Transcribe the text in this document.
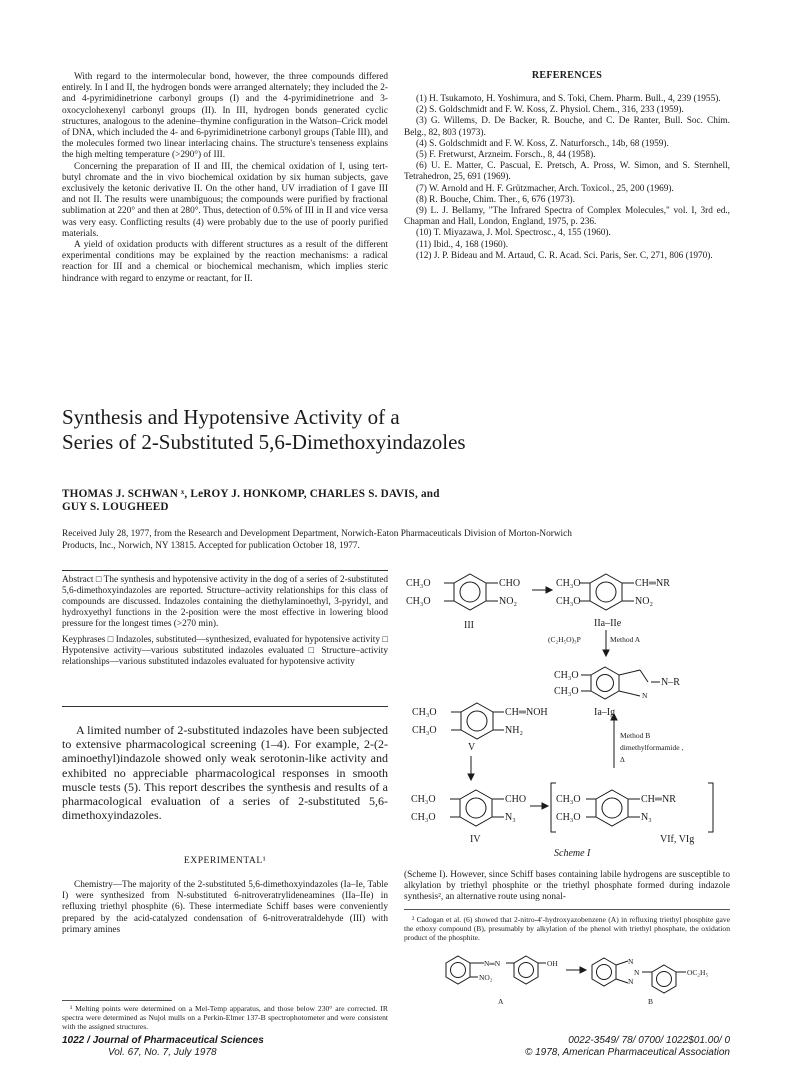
With regard to the intermolecular bond, however, the three compounds differed entirely. In I and II, the hydrogen bonds were arranged alternately; they included the 2- and 4-pyrimidinetrione carbonyl groups (I) and the 4-pyrimidinetrione and 3-oxocyclohexenyl carbonyl groups (II). In III, hydrogen bonds generated cyclic structures, analogous to the adenine–thymine configuration in the Watson–Crick model of DNA, which included the 4- and 6-pyrimidinetrione carbonyl groups (Table III), and the molecules formed two linear interlacing chains. The structure's tenseness explains the high melting temperature (>290°) of III.

Concerning the preparation of II and III, the chemical oxidation of I, using tert-butyl chromate and the in vivo biochemical oxidation by six human subjects, gave exclusively the ketonic derivative II. On the other hand, UV irradiation of I gave III and not II. The results were unambiguous; the compounds were purified by fractional sublimation at 220° and then at 280°. Thus, detection of 0.5% of III in II and vice versa was very easy. Conflicting results (4) were probably due to the use of poorly purified materials.

A yield of oxidation products with different structures as a result of the different experimental conditions may be explained by the reaction mechanisms: a radical reaction for III and a chemical or biochemical mechanism, which implies steric hindrance with regard to enzyme or reactant, for II.

REFERENCES

(1) H. Tsukamoto, H. Yoshimura, and S. Toki, Chem. Pharm. Bull., 4, 239 (1955).

(2) S. Goldschmidt and F. W. Koss, Z. Physiol. Chem., 316, 233 (1959).

(3) G. Willems, D. De Backer, R. Bouche, and C. De Ranter, Bull. Soc. Chim. Belg., 82, 803 (1973).

(4) S. Goldschmidt and F. W. Koss, Z. Naturforsch., 14b, 68 (1959).

(5) F. Fretwurst, Arzneim. Forsch., 8, 44 (1958).

(6) U. E. Matter, C. Pascual, E. Pretsch, A. Pross, W. Simon, and S. Sternhell, Tetrahedron, 25, 691 (1969).

(7) W. Arnold and H. F. Grützmacher, Arch. Toxicol., 25, 200 (1969).

(8) R. Bouche, Chim. Ther., 6, 676 (1973).

(9) L. J. Bellamy, "The Infrared Spectra of Complex Molecules," vol. I, 3rd ed., Chapman and Hall, London, England, 1975, p. 236.

(10) T. Miyazawa, J. Mol. Spectrosc., 4, 155 (1960).

(11) Ibid., 4, 168 (1960).

(12) J. P. Bideau and M. Artaud, C. R. Acad. Sci. Paris, Ser. C, 271, 806 (1970).

Synthesis and Hypotensive Activity of a
Series of 2-Substituted 5,6-Dimethoxyindazoles
THOMAS J. SCHWAN ˣ, LeROY J. HONKOMP, CHARLES S. DAVIS, and
GUY S. LOUGHEED
Received July 28, 1977, from the Research and Development Department, Norwich-Eaton Pharmaceuticals Division of Morton-Norwich
Products, Inc., Norwich, NY 13815. Accepted for publication October 18, 1977.

Abstract □ The synthesis and hypotensive activity in the dog of a series of 2-substituted 5,6-dimethoxyindazoles are reported. Structure–activity relationships for this class of compounds are discussed. Indazoles containing the diethylaminoethyl, 3-pyridyl, and hydroxyethyl functions in the 2-position were the most effective in lowering blood pressure for the longest times (>270 min).

Keyphrases □ Indazoles, substituted—synthesized, evaluated for hypotensive activity □ Hypotensive activity—various substituted indazoles evaluated □ Structure–activity relationships—various substituted indazoles evaluated for hypotensive activity

A limited number of 2-substituted indazoles have been subjected to extensive pharmacological screening (1–4). For example, 2-(2-aminoethyl)indazole showed only weak serotonin-like activity and exhibited no appreciable pharmacological responses in smooth muscle tests (5). This report describes the synthesis and results of a pharmacological evaluation of a series of 2-substituted 5,6-dimethoxyindazoles.
EXPERIMENTAL¹

Chemistry—The majority of the 2-substituted 5,6-dimethoxyindazoles (Ia–Ie, Table I) were synthesized from N-substituted 6-nitroveratrylideneamines (IIa–IIe) in refluxing triethyl phosphite (6). These intermediate Schiff bases were conveniently prepared by the acid-catalyzed condensation of 6-nitroveratraldehyde (III) with primary amines

¹ Melting points were determined on a Mel-Temp apparatus, and those below 230° are corrected. IR spectra were determined as Nujol mulls on a Perkin-Elmer 137-B spectrophotometer and were consistent with the assigned structures.
CH₃O
CH₃O
CHO
NO₂
III
CH₃O
CH₃O
CH═NR
NO₂
IIa–IIe
(C₂H₅O)₃P	Method A
CH₃O
CH₃O
N–R
N
Ia–Ig
CH₃O
CH₃O
CH═NOH
NH₂
V
Method B
dimethylformamide ,
Δ
CH₃O
CH₃O
CHO
N₃
IV
CH₃O
CH₃O
CH═NR
N₃
VIf, VIg
Scheme I

(Scheme I). However, since Schiff bases containing labile hydrogens are susceptible to alkylation by triethyl phosphite or the triethyl phosphate formed during indazole synthesis², an alternative route using nonal-

² Cadogan et al. (6) showed that 2-nitro-4′-hydroxyazobenzene (A) in refluxing triethyl phosphite gave the ethoxy compound (B), presumably by alkylation of the phenol with triethyl phosphate, the oxidation product of the phosphite.
N═N
NO₂
OH	N
N
N	OC₂H₅
A	B
1022 / Journal of Pharmaceutical Sciences
Vol. 67, No. 7, July 1978
0022-3549/ 78/ 0700/ 1022$01.00/ 0
© 1978, American Pharmaceutical Association
